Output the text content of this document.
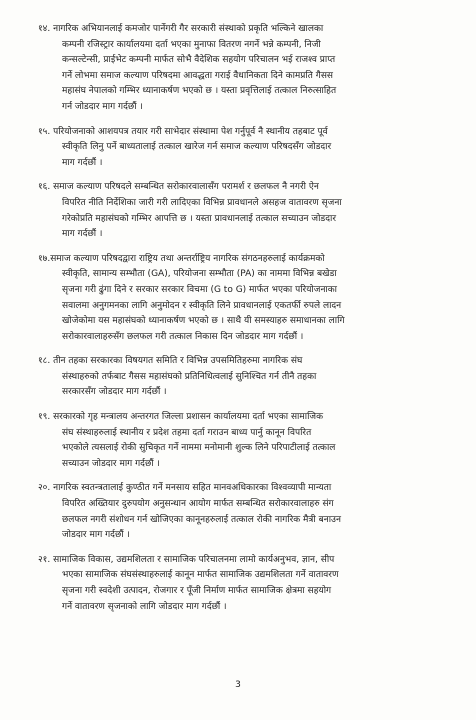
१४. नागरिक अभियानलाई कमजोर पार्नेगरी गैर सरकारी संस्थाको प्रकृति भल्किने खालका
कम्पनी रजिस्ट्रार कार्यालयमा दर्ता भएका मुनाफा वितरण नगर्ने भन्ने कम्पनी, निजी
कन्सल्टेन्सी, प्राईभेट कम्पनी मार्फत सोभै वैदेशिक सहयोग परिचालन भई राजश्व प्राप्त
गर्ने लोभमा समाज कल्याण परिषदमा आवद्धता गराई वैधानिकता दिने कामप्रति गैसस
महासंघ नेपालको गम्भिर ध्यानाकर्षण भएको छ । यस्ता प्रवृत्तिलाई तत्काल निरुत्साहित
गर्न जोडदार माग गर्दछौं ।
१५. परियोजनाको आशयपत्र तयार गरी साभेदार संस्थामा पेश गर्नुपूर्व नै स्थानीय तहबाट पूर्व
स्वीकृति लिनु पर्ने बाध्यतालाई तत्काल खारेज गर्न समाज कल्याण परिषदसँग जोडदार
माग गर्दछौं ।
१६. समाज कल्याण परिषदले सम्बन्धित सरोकारवालासँग परामर्श र छलफल नै नगरी ऐन
विपरित नीति निर्देशिका जारी गरी लादिएका विभिन्न प्रावधानले असहज वातावरण सृजना
गरेकोप्रति महासंघको गम्भिर आपत्ति छ । यस्ता प्रावधानलाई तत्काल सच्याउन जोडदार
माग गर्दछौं ।
१७.समाज कल्याण परिषदद्वारा राष्ट्रिय तथा अन्तर्राष्ट्रिय नागरिक संगठनहरुलाई कार्यक्रमको
स्वीकृति, सामान्य सम्भौता (GA), परियोजना सम्भौता (PA) का नाममा विभिन्न बखेडा
सृजना गरी ढुंगा दिने र सरकार सरकार विचमा (G to G) मार्फत भएका परियोजनाका
सवालमा अनुगमनका लागि अनुमोदन र स्वीकृति लिने प्रावधानलाई एकतर्फी रुपले लादन
खोजेकोमा यस महासंघको ध्यानाकर्षण भएको छ । साथै यी समस्याहरु समाधानका लागि
सरोकारवालाहरुसँग छलफल गरी तत्काल निकास दिन जोडदार माग गर्दछौं ।
१८. तीन तहका सरकारका विषयगत समिति र विभिन्न उपसमितिहरुमा नागरिक संघ
संस्थाहरुको तर्फबाट गैसस महासंघको प्रतिनिधित्वलाई सुनिश्चित गर्न तीनै तहका
सरकारसँग जोडदार माग गर्दछौं ।
१९. सरकारको गृह मन्त्रालय अन्तरगत जिल्ला प्रशासन कार्यालयमा दर्ता भएका सामाजिक
संघ संस्थाहरुलाई स्थानीय र प्रदेश तहमा दर्ता गराउन बाध्य पार्नु कानून विपरित
भएकोले त्यसलाई रोकी सुचिकृत गर्ने नाममा मनोमानी शुल्क लिने परिपाटीलाई तत्काल
सच्याउन जोडदार माग गर्दछौं ।
२०. नागरिक स्वतन्त्रतालाई कुण्ठीत गर्ने मनसाय सहित मानवअधिकारका विश्वव्यापी मान्यता
विपरित अख्तियार दुरुपयोग अनुसन्धान आयोग मार्फत सम्बन्धित सरोकारवालाहरु संग
छलफल नगरी संशोधन गर्न खोजिएका कानूनहरुलाई तत्काल रोकी नागरिक मैत्री बनाउन
जोडदार माग गर्दछौं ।
२१. सामाजिक विकास, उद्यमशिलता र सामाजिक परिचालनमा लामो कार्यअनुभव, ज्ञान, सीप
भएका सामाजिक संघसंस्थाहरुलाई कानून मार्फत सामाजिक उद्यमशिलता गर्ने वातावरण
सृजना गरी स्वदेशी उत्पादन, रोजगार र पूँजी निर्माण मार्फत सामाजिक क्षेत्रमा सहयोग
गर्ने वातावरण सृजनाको लागि जोडदार माग गर्दछौं ।
3
